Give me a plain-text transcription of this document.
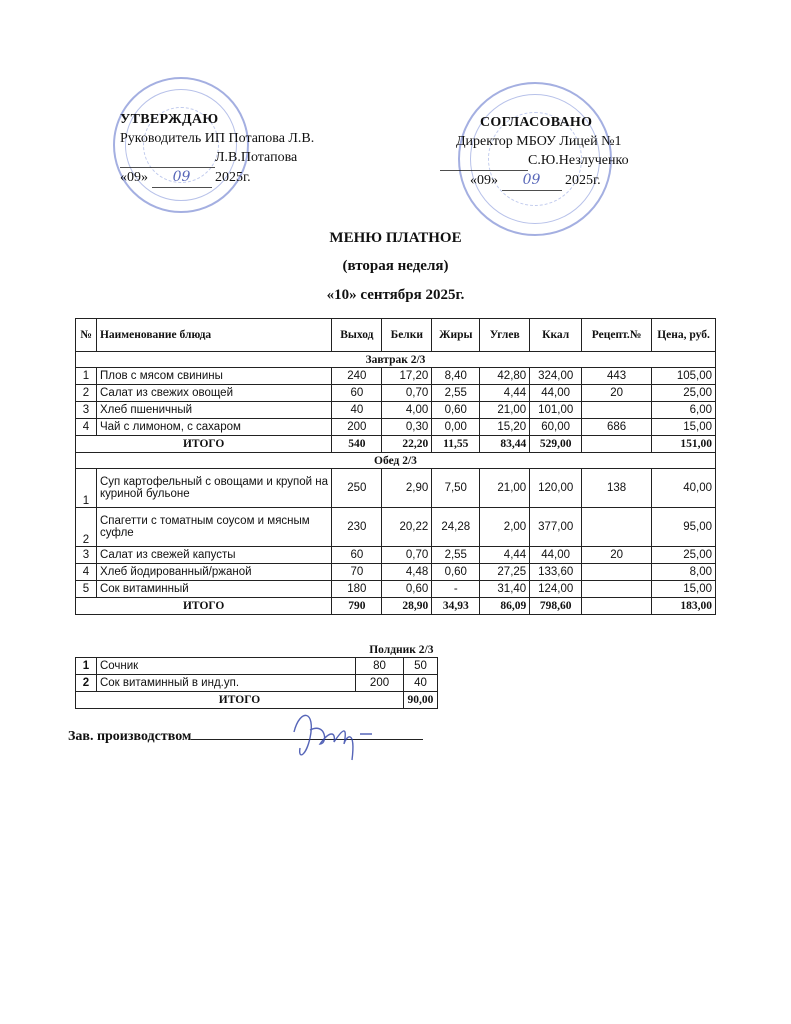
УТВЕРЖДАЮ
Руководитель ИП Потапова Л.В.
Л.В.Потапова
«09» 09 2025г.
СОГЛАСОВАНО
Директор МБОУ Лицей №1
С.Ю.Незлученко
«09» 09 2025г.
МЕНЮ ПЛАТНОЕ
(вторая неделя)
«10» сентября 2025г.
№	Наименование блюда	Выход	Белки	Жиры	Углев	Ккал	Рецепт.№	Цена, руб.
Завтрак 2/3								
1	Плов с мясом свинины	240	17,20	8,40	42,80	324,00	443	105,00
2	Салат из свежих овощей	60	0,70	2,55	4,44	44,00	20	25,00
3	Хлеб пшеничный	40	4,00	0,60	21,00	101,00		6,00
4	Чай с лимоном, с сахаром	200	0,30	0,00	15,20	60,00	686	15,00
ИТОГО		540	22,20	11,55	83,44	529,00		151,00
Обед 2/3								
1	Суп картофельный с овощами и крупой на куриной бульоне	250	2,90	7,50	21,00	120,00	138	40,00
2	Спагетти с томатным соусом и мясным суфле	230	20,22	24,28	2,00	377,00		95,00
3	Салат из свежей капусты	60	0,70	2,55	4,44	44,00	20	25,00
4	Хлеб йодированный/ржаной	70	4,48	0,60	27,25	133,60		8,00
5	Сок витаминный	180	0,60	-	31,40	124,00		15,00
ИТОГО		790	28,90	34,93	86,09	798,60		183,00
Полдник 2/3			
1	Сочник	80	50
2	Сок витаминный в инд.уп.	200	40
ИТОГО			90,00
Зав. производством
